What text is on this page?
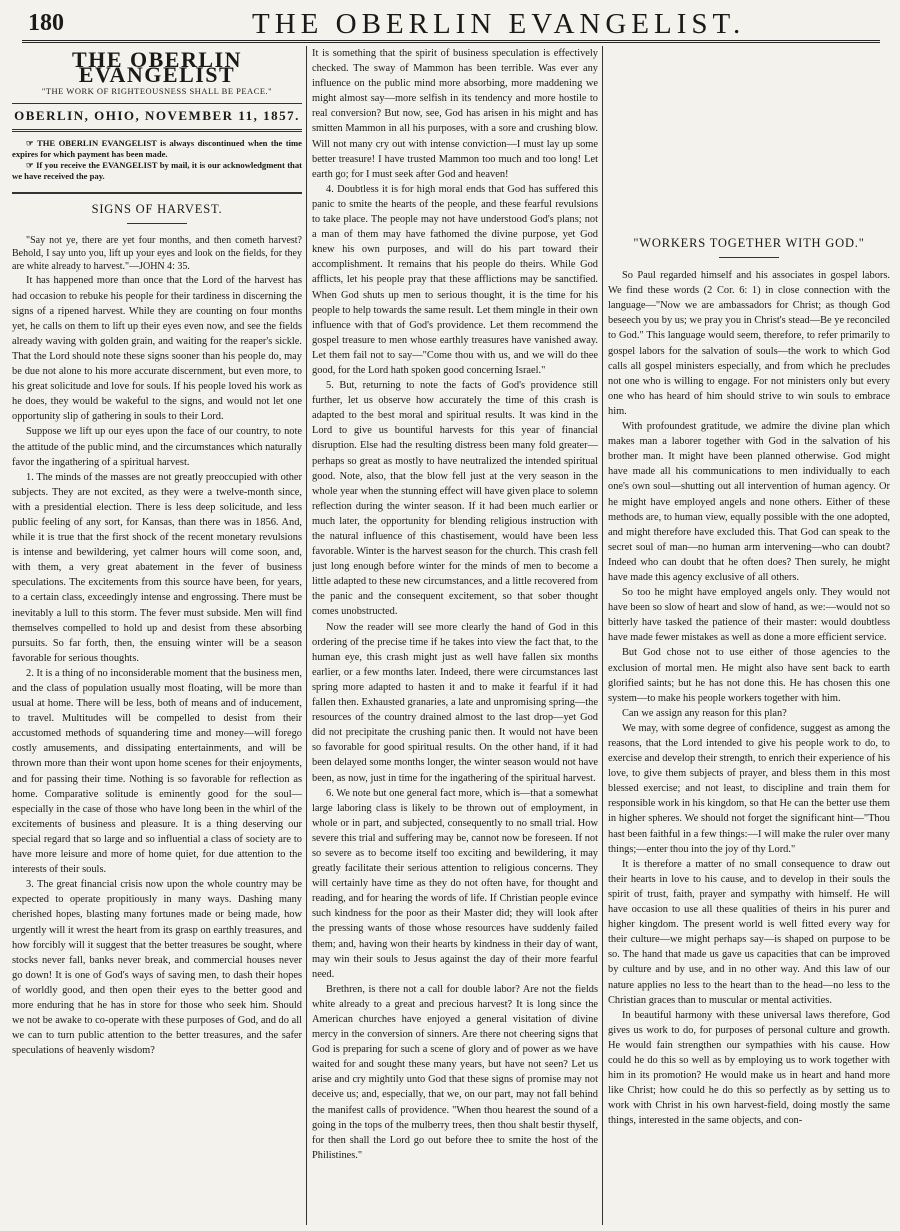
180	THE OBERLIN EVANGELIST.
THE OBERLIN EVANGELIST
"THE WORK OF RIGHTEOUSNESS SHALL BE PEACE."
OBERLIN, OHIO, NOVEMBER 11, 1857.

☞ THE OBERLIN EVANGELIST is always discontinued when the time expires for which payment has been made.

☞ If you receive the EVANGELIST by mail, it is our acknowledgment that we have received the pay.

SIGNS OF HARVEST.

"Say not ye, there are yet four months, and then cometh harvest? Behold, I say unto you, lift up your eyes and look on the fields, for they are white already to harvest."—JOHN 4: 35.

It has happened more than once that the Lord of the harvest has had occasion to rebuke his people for their tardiness in discerning the signs of a ripened harvest. While they are counting on four months yet, he calls on them to lift up their eyes even now, and see the fields already waving with golden grain, and waiting for the reaper's sickle. That the Lord should note these signs sooner than his people do, may be due not alone to his more accurate discernment, but even more, to his great solicitude and love for souls. If his people loved his work as he does, they would be wakeful to the signs, and would not let one opportunity slip of gathering in souls to their Lord.

Suppose we lift up our eyes upon the face of our country, to note the attitude of the public mind, and the circumstances which naturally favor the ingathering of a spiritual harvest.

1. The minds of the masses are not greatly preoccupied with other subjects. They are not excited, as they were a twelve-month since, with a presidential election. There is less deep solicitude, and less public feeling of any sort, for Kansas, than there was in 1856. And, while it is true that the first shock of the recent monetary revulsions is intense and bewildering, yet calmer hours will come soon, and, with them, a very great abatement in the fever of business speculations. The excitements from this source have been, for years, to a certain class, exceedingly intense and engrossing. There must be inevitably a lull to this storm. The fever must subside. Men will find themselves compelled to hold up and desist from these absorbing pursuits. So far forth, then, the ensuing winter will be a season favorable for serious thoughts.

2. It is a thing of no inconsiderable moment that the business men, and the class of population usually most floating, will be more than usual at home. There will be less, both of means and of inducement, to travel. Multitudes will be compelled to desist from their accustomed methods of squandering time and money—will forego costly amusements, and dissipating entertainments, and will be thrown more than their wont upon home scenes for their enjoyments, and for passing their time. Nothing is so favorable for reflection as home. Comparative solitude is eminently good for the soul—especially in the case of those who have long been in the whirl of the excitements of business and pleasure. It is a thing deserving our special regard that so large and so influential a class of society are to have more leisure and more of home quiet, for due attention to the interests of their souls.

3. The great financial crisis now upon the whole country may be expected to operate propitiously in many ways. Dashing many cherished hopes, blasting many fortunes made or being made, how urgently will it wrest the heart from its grasp on earthly treasures, and how forcibly will it suggest that the better treasures be sought, where stocks never fall, banks never break, and commercial houses never go down! It is one of God's ways of saving men, to dash their hopes of worldly good, and then open their eyes to the better good and more enduring that he has in store for those who seek him. Should we not be awake to co-operate with these purposes of God, and do all we can to turn public attention to the better treasures, and the safer speculations of heavenly wisdom?

It is something that the spirit of business speculation is effectively checked. The sway of Mammon has been terrible. Was ever any influence on the public mind more absorbing, more maddening we might almost say—more selfish in its tendency and more hostile to real conversion? But now, see, God has arisen in his might and has smitten Mammon in all his purposes, with a sore and crushing blow. Will not many cry out with intense conviction—I must lay up some better treasure! I have trusted Mammon too much and too long! Let earth go; for I must seek after God and heaven!

4. Doubtless it is for high moral ends that God has suffered this panic to smite the hearts of the people, and these fearful revulsions to take place. The people may not have understood God's plans; not a man of them may have fathomed the divine purpose, yet God knew his own purposes, and will do his part toward their accomplishment. It remains that his people do theirs. While God afflicts, let his people pray that these afflictions may be sanctified. When God shuts up men to serious thought, it is the time for his people to help towards the same result. Let them mingle in their own influence with that of God's providence. Let them recommend the gospel treasure to men whose earthly treasures have vanished away. Let them fail not to say—"Come thou with us, and we will do thee good, for the Lord hath spoken good concerning Israel."

5. But, returning to note the facts of God's providence still further, let us observe how accurately the time of this crash is adapted to the best moral and spiritual results. It was kind in the Lord to give us bountiful harvests for this year of financial disruption. Else had the resulting distress been many fold greater—perhaps so great as mostly to have neutralized the intended spiritual good. Note, also, that the blow fell just at the very season in the whole year when the stunning effect will have given place to solemn reflection during the winter season. If it had been much earlier or much later, the opportunity for blending religious instruction with the natural influence of this chastisement, would have been less favorable. Winter is the harvest season for the church. This crash fell just long enough before winter for the minds of men to become a little adapted to these new circumstances, and a little recovered from the panic and the consequent excitement, so that sober thought comes unobstructed.

Now the reader will see more clearly the hand of God in this ordering of the precise time if he takes into view the fact that, to the human eye, this crash might just as well have fallen six months earlier, or a few months later. Indeed, there were circumstances last spring more adapted to hasten it and to make it fearful if it had fallen then. Exhausted granaries, a late and unpromising spring—the resources of the country drained almost to the last drop—yet God did not precipitate the crushing panic then. It would not have been so favorable for good spiritual results. On the other hand, if it had been delayed some months longer, the winter season would not have been, as now, just in time for the ingathering of the spiritual harvest.

6. We note but one general fact more, which is—that a somewhat large laboring class is likely to be thrown out of employment, in whole or in part, and subjected, consequently to no small trial. How severe this trial and suffering may be, cannot now be foreseen. If not so severe as to become itself too exciting and bewildering, it may greatly facilitate their serious attention to religious concerns. They will certainly have time as they do not often have, for thought and reading, and for hearing the words of life. If Christian people evince such kindness for the poor as their Master did; they will look after the pressing wants of those whose resources have suddenly failed them; and, having won their hearts by kindness in their day of want, may win their souls to Jesus against the day of their more fearful need.

Brethren, is there not a call for double labor? Are not the fields white already to a great and precious harvest? It is long since the American churches have enjoyed a general visitation of divine mercy in the conversion of sinners. Are there not cheering signs that God is preparing for such a scene of glory and of power as we have waited for and sought these many years, but have not seen? Let us arise and cry mightily unto God that these signs of promise may not deceive us; and, especially, that we, on our part, may not fall behind the manifest calls of providence. "When thou hearest the sound of a going in the tops of the mulberry trees, then thou shalt bestir thyself, for then shall the Lord go out before thee to smite the host of the Philistines."

"WORKERS TOGETHER WITH GOD."

So Paul regarded himself and his associates in gospel labors. We find these words (2 Cor. 6: 1) in close connection with the language—"Now we are ambassadors for Christ; as though God beseech you by us; we pray you in Christ's stead—Be ye reconciled to God." This language would seem, therefore, to refer primarily to gospel labors for the salvation of souls—the work to which God calls all gospel ministers especially, and from which he precludes not one who is willing to engage. For not ministers only but every one who has heard of him should strive to win souls to embrace him.

With profoundest gratitude, we admire the divine plan which makes man a laborer together with God in the salvation of his brother man. It might have been planned otherwise. God might have made all his communications to men individually to each one's own soul—shutting out all intervention of human agency. Or he might have employed angels and none others. Either of these methods are, to human view, equally possible with the one adopted, and might therefore have excluded this. That God can speak to the secret soul of man—no human arm intervening—who can doubt? Indeed who can doubt that he often does? Then surely, he might have made this agency exclusive of all others.

So too he might have employed angels only. They would not have been so slow of heart and slow of hand, as we:—would not so bitterly have tasked the patience of their master: would doubtless have made fewer mistakes as well as done a more efficient service.

But God chose not to use either of those agencies to the exclusion of mortal men. He might also have sent back to earth glorified saints; but he has not done this. He has chosen this one system—to make his people workers together with him.

Can we assign any reason for this plan?

We may, with some degree of confidence, suggest as among the reasons, that the Lord intended to give his people work to do, to exercise and develop their strength, to enrich their experience of his love, to give them subjects of prayer, and bless them in this most blessed exercise; and not least, to discipline and train them for responsible work in his kingdom, so that He can the better use them in higher spheres. We should not forget the significant hint—"Thou hast been faithful in a few things:—I will make the ruler over many things;—enter thou into the joy of thy Lord."

It is therefore a matter of no small consequence to draw out their hearts in love to his cause, and to develop in their souls the spirit of trust, faith, prayer and sympathy with himself. He will have occasion to use all these qualities of theirs in his purer and higher kingdom. The present world is well fitted every way for their culture—we might perhaps say—is shaped on purpose to be so. The hand that made us gave us capacities that can be improved by culture and by use, and in no other way. And this law of our nature applies no less to the heart than to the head—no less to the Christian graces than to muscular or mental activities.

In beautiful harmony with these universal laws therefore, God gives us work to do, for purposes of personal culture and growth. He would fain strengthen our sympathies with his cause. How could he do this so well as by employing us to work together with him in its promotion? He would make us in heart and hand more like Christ; how could he do this so perfectly as by setting us to work with Christ in his own harvest-field, doing mostly the same things, interested in the same objects, and con-
